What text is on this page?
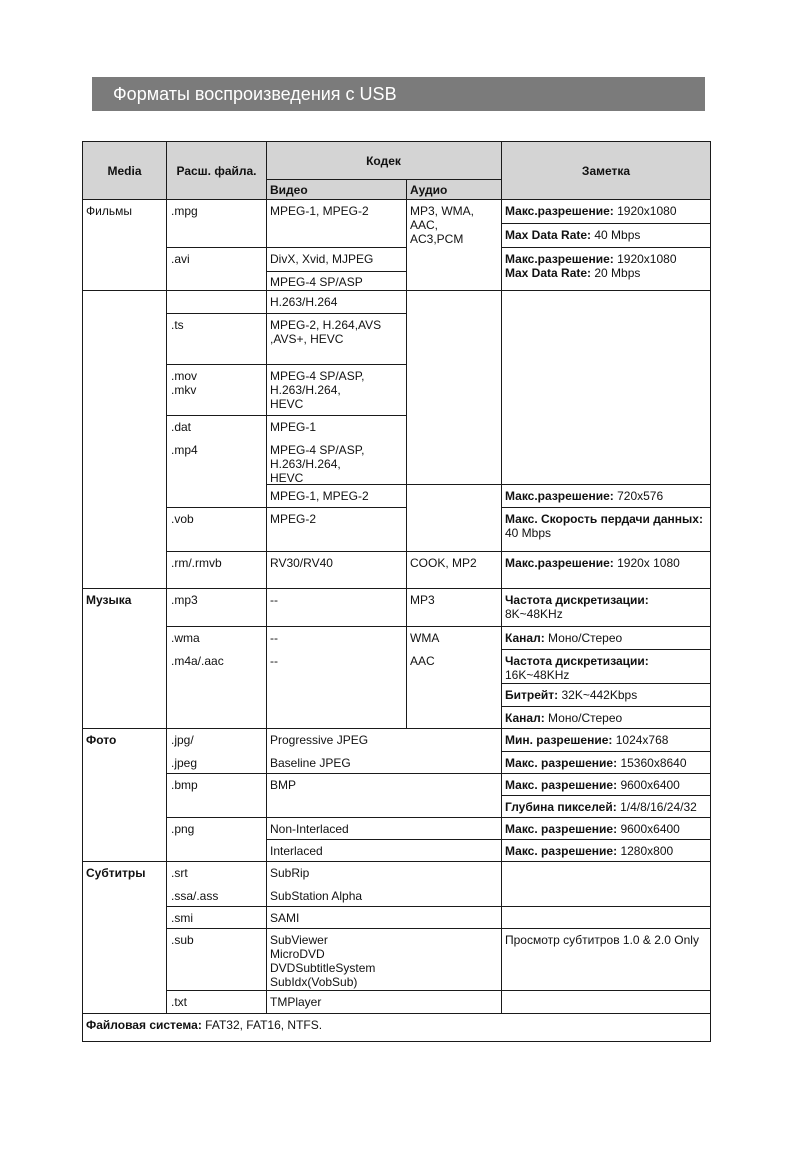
Форматы воспроизведения с USB
Media	Расш. файла.
Кодек
Видео	Аудио
Заметка
Фильмы
Музыка
Фото
Субтитры
.mpg
.avi
.ts
.mov
.mkv
.dat
.mp4
.vob
.rm/.rmvb
.mp3
.wma
.m4a/.aac
.jpg/
.jpeg
.bmp
.png
.srt
.ssa/.ass
.smi
.sub
.txt
MPEG-1, MPEG-2
DivX, Xvid, MJPEG
MPEG-4 SP/ASP
H.263/H.264
MPEG-2, H.264,AVS
,AVS+, HEVC
MPEG-4 SP/ASP,
H.263/H.264,
HEVC
MPEG-1
MPEG-4 SP/ASP,
H.263/H.264,
HEVC
MPEG-1, MPEG-2
MPEG-2
RV30/RV40
--
--
--
Progressive JPEG
Baseline JPEG
BMP
Non-Interlaced
Interlaced
SubRip
SubStation Alpha
SAMI
SubViewer
MicroDVD
DVDSubtitleSystem
SubIdx(VobSub)
TMPlayer
MP3, WMA,
AAC,
AC3,PCM
COOK, MP2
MP3
WMA
AAC
Макс.разрешение: 1920x1080
Max Data Rate: 40 Mbps
Макс.разрешение: 1920x1080
Max Data Rate: 20 Mbps
Макс.разрешение: 720x576
Макс. Скорость пердачи данных:
40 Mbps
Макс.разрешение: 1920x 1080
Частота дискретизации:
8K~48KHz
Канал: Моно/Стерео
Частота дискретизации:
16K~48KHz
Битрейт: 32K~442Kbps
Канал: Моно/Стерео
Мин. разрешение: 1024x768
Макс. разрешение: 15360x8640
Макс. разрешение: 9600x6400
Глубина пикселей: 1/4/8/16/24/32
Макс. разрешение: 9600x6400
Макс. разрешение: 1280x800
Просмотр субтитров 1.0 & 2.0 Only
Файловая система: FAT32, FAT16, NTFS.
